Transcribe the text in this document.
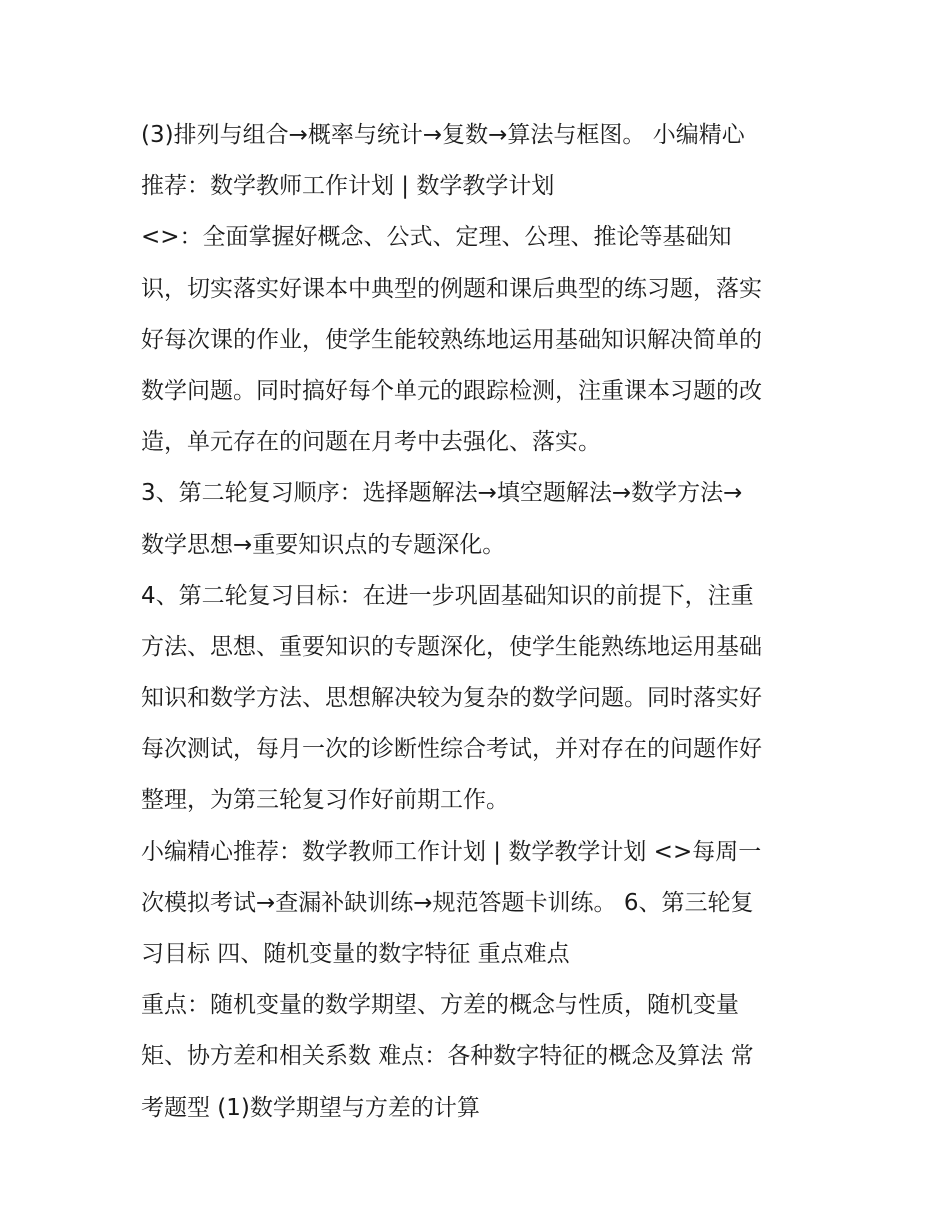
(3)排列与组合→概率与统计→复数→算法与框图。 小编精心
推荐：数学教师工作计划 | 数学教学计划
<>：全面掌握好概念、公式、定理、公理、推论等基础知
识，切实落实好课本中典型的例题和课后典型的练习题，落实
好每次课的作业，使学生能较熟练地运用基础知识解决简单的
数学问题。同时搞好每个单元的跟踪检测，注重课本习题的改
造，单元存在的问题在月考中去强化、落实。
3、第二轮复习顺序：选择题解法→填空题解法→数学方法→
数学思想→重要知识点的专题深化。
4、第二轮复习目标：在进一步巩固基础知识的前提下，注重
方法、思想、重要知识的专题深化，使学生能熟练地运用基础
知识和数学方法、思想解决较为复杂的数学问题。同时落实好
每次测试，每月一次的诊断性综合考试，并对存在的问题作好
整理，为第三轮复习作好前期工作。
小编精心推荐：数学教师工作计划 | 数学教学计划 <>每周一
次模拟考试→查漏补缺训练→规范答题卡训练。 6、第三轮复
习目标 四、随机变量的数字特征 重点难点
重点：随机变量的数学期望、方差的概念与性质，随机变量
矩、协方差和相关系数 难点：各种数字特征的概念及算法 常
考题型 (1)数学期望与方差的计算
